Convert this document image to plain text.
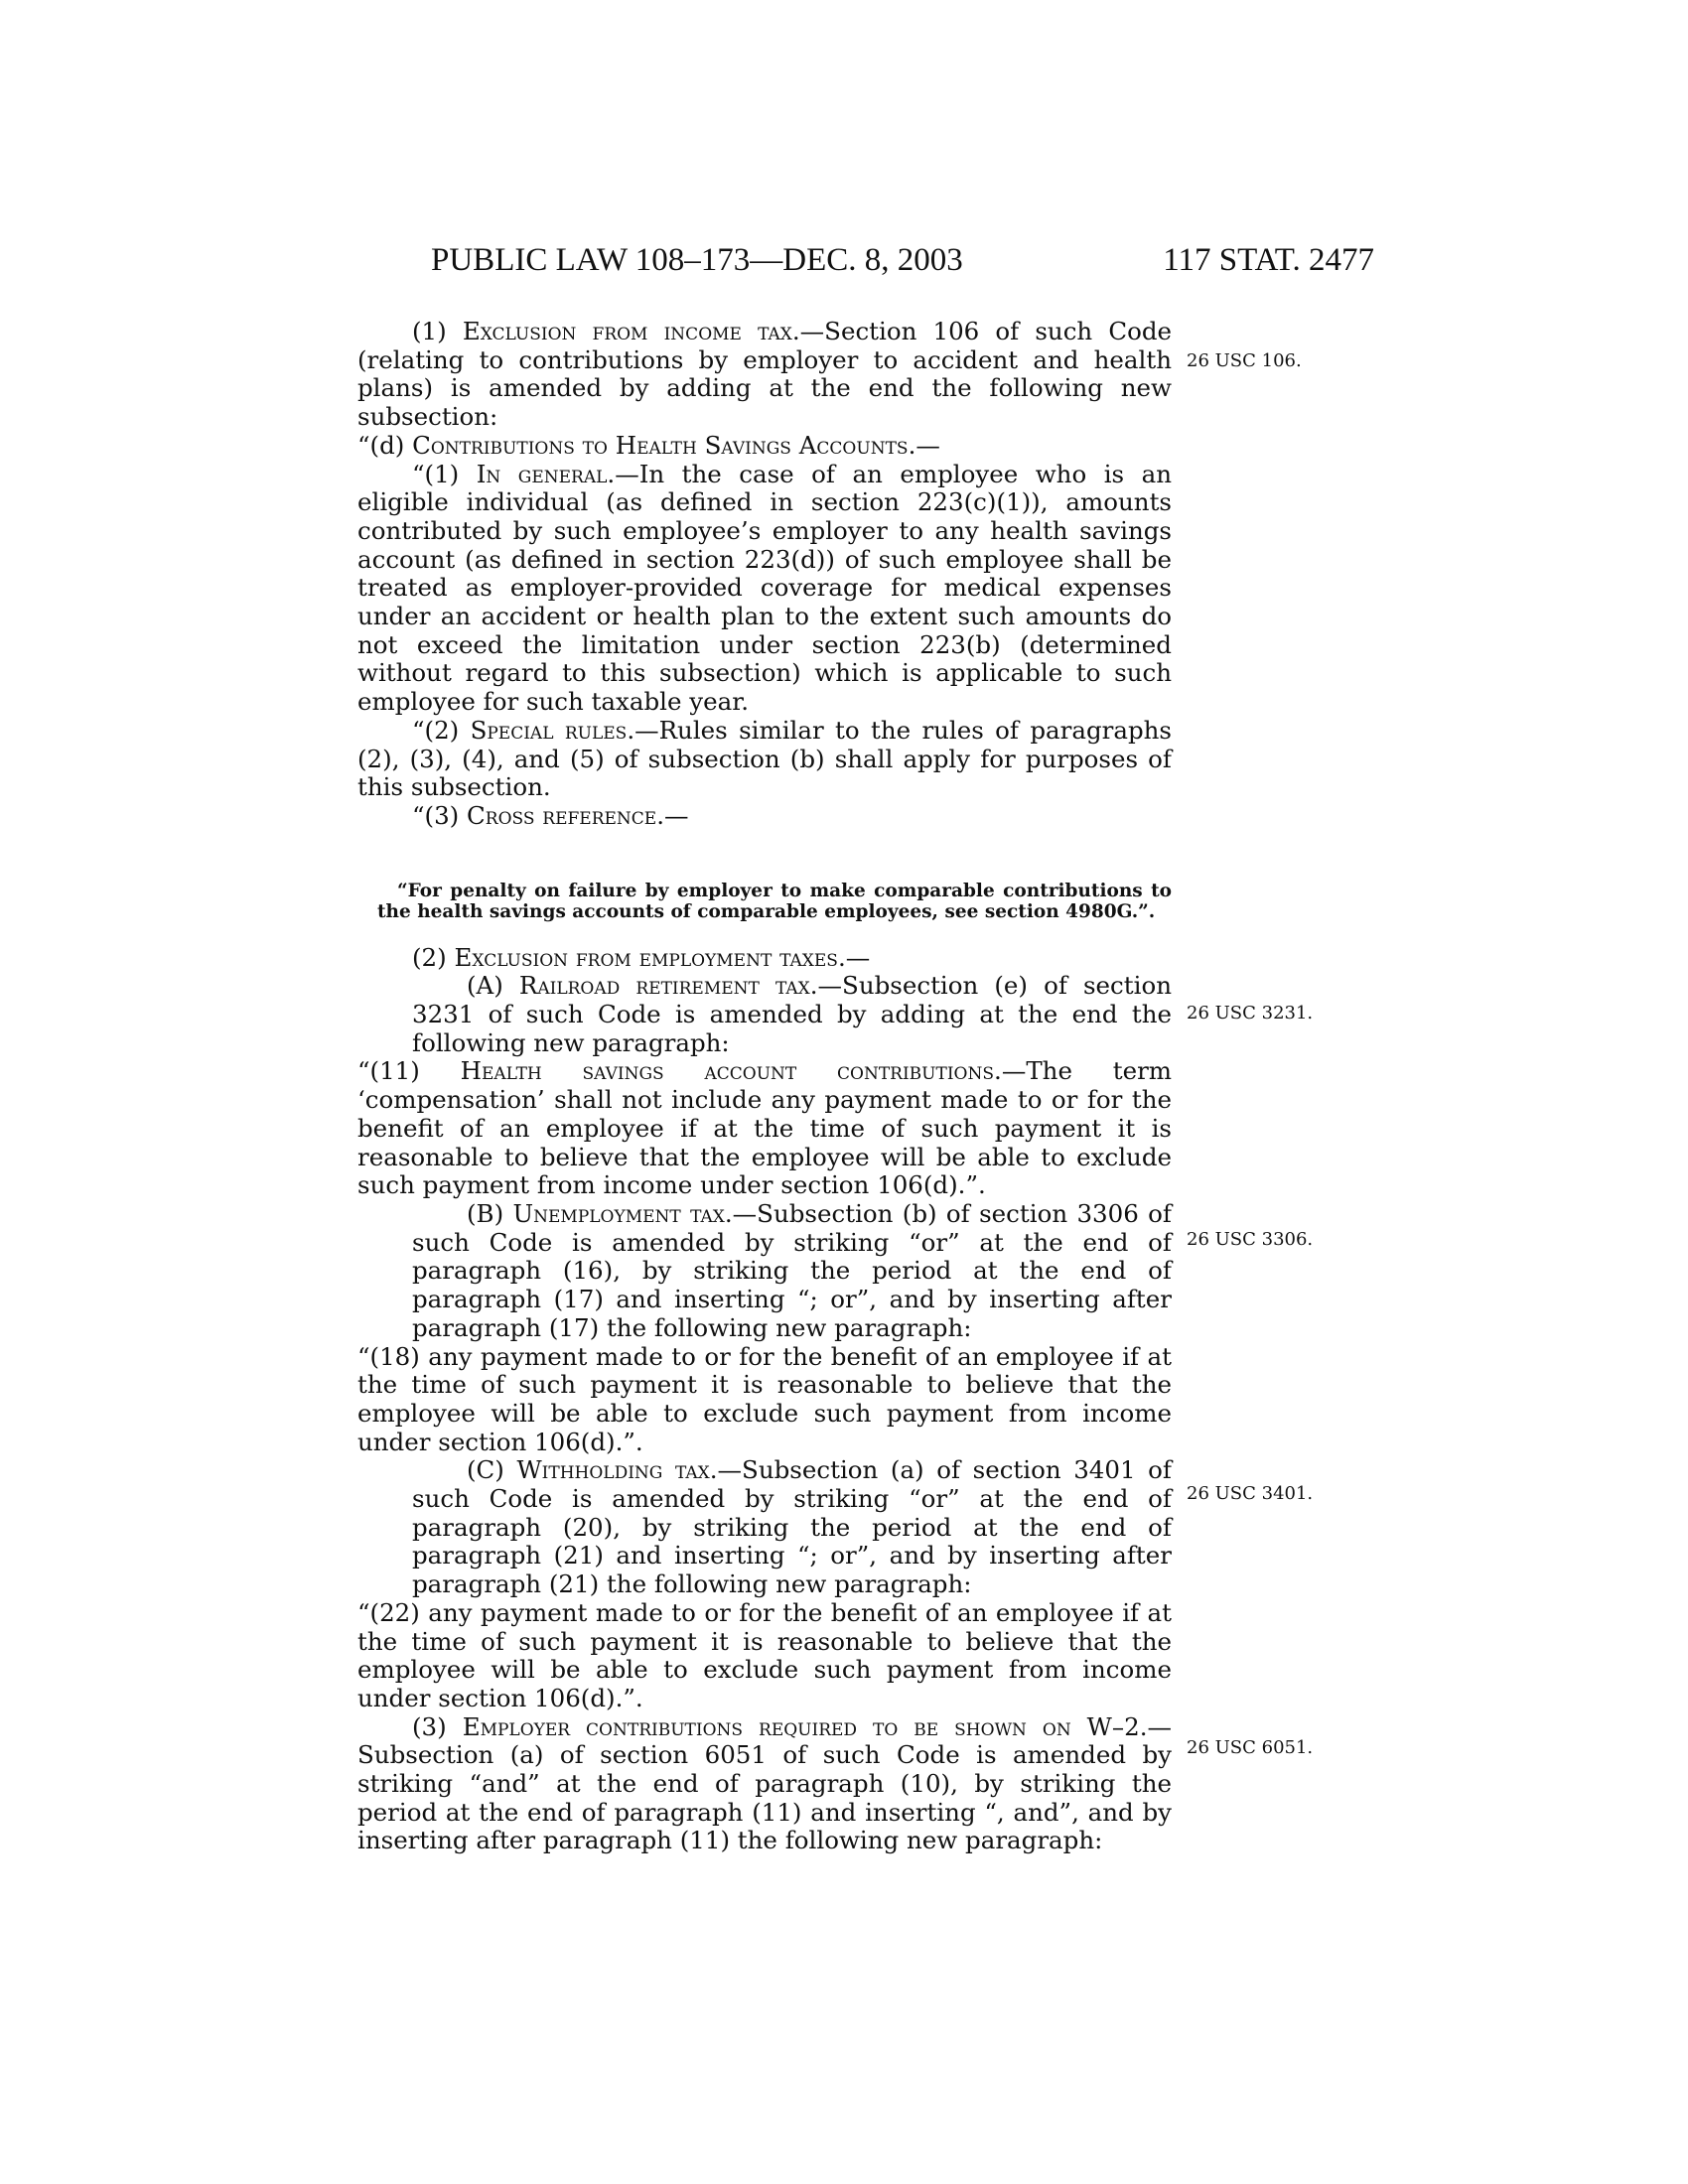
PUBLIC LAW 108–173—DEC. 8, 2003	117 STAT. 2477

(1) Exclusion from income tax.—Section 106 of such Code (relating to contributions by employer to accident and health plans) is amended by adding at the end the following new subsection:

“(d) Contributions to Health Savings Accounts.—

“(1) In general.—In the case of an employee who is an eligible individual (as defined in section 223(c)(1)), amounts contributed by such employee’s employer to any health savings account (as defined in section 223(d)) of such employee shall be treated as employer-provided coverage for medical expenses under an accident or health plan to the extent such amounts do not exceed the limitation under section 223(b) (determined without regard to this subsection) which is applicable to such employee for such taxable year.

“(2) Special rules.—Rules similar to the rules of paragraphs (2), (3), (4), and (5) of subsection (b) shall apply for purposes of this subsection.

“(3) Cross reference.—

“For penalty on failure by employer to make comparable contributions to the health savings accounts of comparable employees, see section 4980G.”.

(2) Exclusion from employment taxes.—

(A) Railroad retirement tax.—Subsection (e) of section 3231 of such Code is amended by adding at the end the following new paragraph:

“(11) Health savings account contributions.—The term ‘compensation’ shall not include any payment made to or for the benefit of an employee if at the time of such payment it is reasonable to believe that the employee will be able to exclude such payment from income under section 106(d).”.

(B) Unemployment tax.—Subsection (b) of section 3306 of such Code is amended by striking “or” at the end of paragraph (16), by striking the period at the end of paragraph (17) and inserting “; or”, and by inserting after paragraph (17) the following new paragraph:

“(18) any payment made to or for the benefit of an employee if at the time of such payment it is reasonable to believe that the employee will be able to exclude such payment from income under section 106(d).”.

(C) Withholding tax.—Subsection (a) of section 3401 of such Code is amended by striking “or” at the end of paragraph (20), by striking the period at the end of paragraph (21) and inserting “; or”, and by inserting after paragraph (21) the following new paragraph:

“(22) any payment made to or for the benefit of an employee if at the time of such payment it is reasonable to believe that the employee will be able to exclude such payment from income under section 106(d).”.

(3) Employer contributions required to be shown on W–2.—Subsection (a) of section 6051 of such Code is amended by striking “and” at the end of paragraph (10), by striking the period at the end of paragraph (11) and inserting “, and”, and by inserting after paragraph (11) the following new paragraph:

26 USC 106.
26 USC 3231.
26 USC 3306.
26 USC 3401.
26 USC 6051.
